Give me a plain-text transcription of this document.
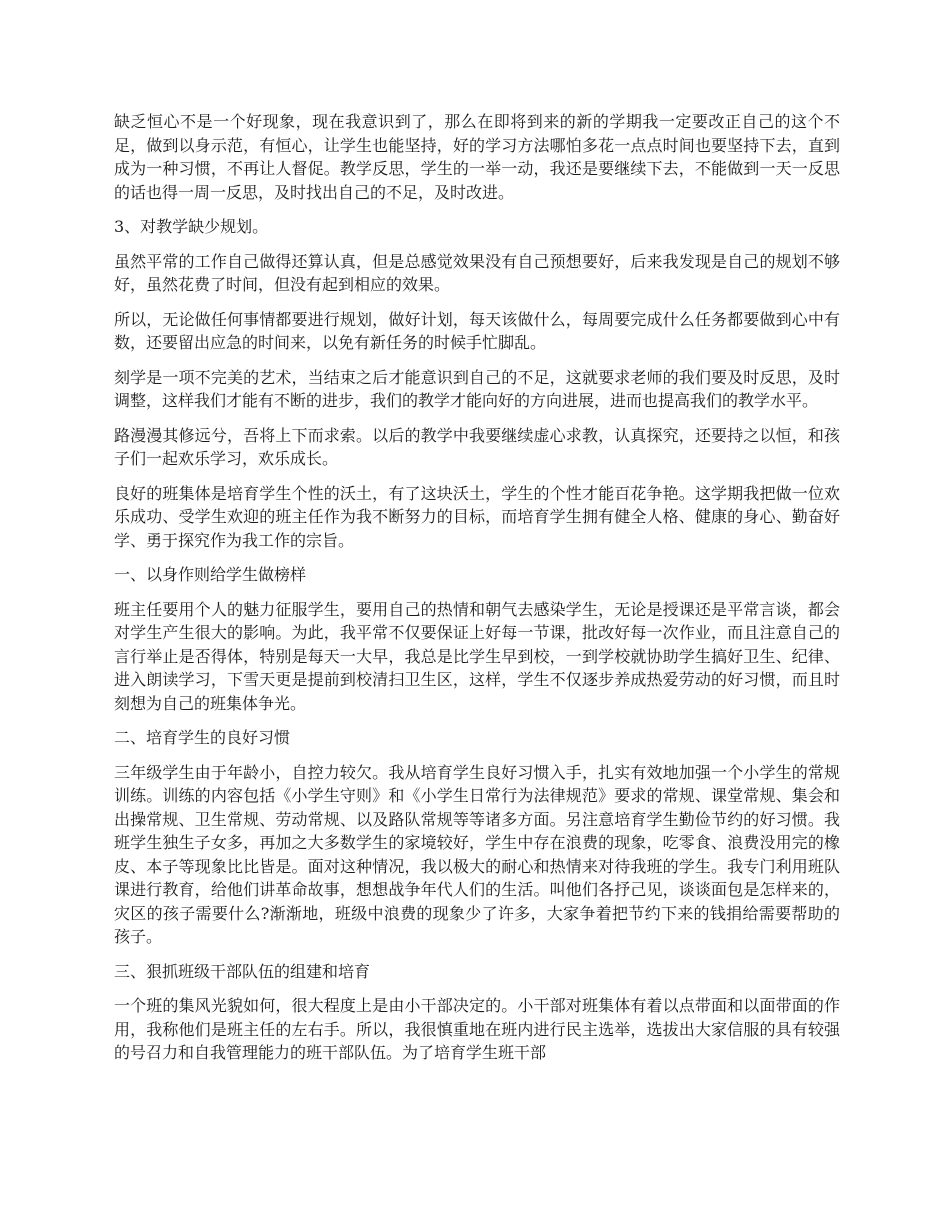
缺乏恒心不是一个好现象，现在我意识到了，那么在即将到来的新的学期我一定要改正自己的这个不足，做到以身示范，有恒心，让学生也能坚持，好的学习方法哪怕多花一点点时间也要坚持下去，直到成为一种习惯，不再让人督促。教学反思，学生的一举一动，我还是要继续下去，不能做到一天一反思的话也得一周一反思，及时找出自己的不足，及时改进。

3、对教学缺少规划。

虽然平常的工作自己做得还算认真，但是总感觉效果没有自己预想要好，后来我发现是自己的规划不够好，虽然花费了时间，但没有起到相应的效果。

所以，无论做任何事情都要进行规划，做好计划，每天该做什么，每周要完成什么任务都要做到心中有数，还要留出应急的时间来，以免有新任务的时候手忙脚乱。

刻学是一项不完美的艺术，当结束之后才能意识到自己的不足，这就要求老师的我们要及时反思，及时调整，这样我们才能有不断的进步，我们的教学才能向好的方向进展，进而也提高我们的教学水平。

路漫漫其修远兮，吾将上下而求索。以后的教学中我要继续虚心求教，认真探究，还要持之以恒，和孩子们一起欢乐学习，欢乐成长。

良好的班集体是培育学生个性的沃土，有了这块沃土，学生的个性才能百花争艳。这学期我把做一位欢乐成功、受学生欢迎的班主任作为我不断努力的目标，而培育学生拥有健全人格、健康的身心、勤奋好学、勇于探究作为我工作的宗旨。

一、以身作则给学生做榜样

班主任要用个人的魅力征服学生，要用自己的热情和朝气去感染学生，无论是授课还是平常言谈，都会对学生产生很大的影响。为此，我平常不仅要保证上好每一节课，批改好每一次作业，而且注意自己的言行举止是否得体，特别是每天一大早，我总是比学生早到校，一到学校就协助学生搞好卫生、纪律、进入朗读学习，下雪天更是提前到校清扫卫生区，这样，学生不仅逐步养成热爱劳动的好习惯，而且时刻想为自己的班集体争光。

二、培育学生的良好习惯

三年级学生由于年龄小，自控力较欠。我从培育学生良好习惯入手，扎实有效地加强一个小学生的常规训练。训练的内容包括《小学生守则》和《小学生日常行为法律规范》要求的常规、课堂常规、集会和出操常规、卫生常规、劳动常规、以及路队常规等等诸多方面。另注意培育学生勤俭节约的好习惯。我班学生独生子女多，再加之大多数学生的家境较好，学生中存在浪费的现象，吃零食、浪费没用完的橡皮、本子等现象比比皆是。面对这种情况，我以极大的耐心和热情来对待我班的学生。我专门利用班队课进行教育，给他们讲革命故事，想想战争年代人们的生活。叫他们各抒己见，谈谈面包是怎样来的，灾区的孩子需要什么?渐渐地，班级中浪费的现象少了许多，大家争着把节约下来的钱捐给需要帮助的孩子。

三、狠抓班级干部队伍的组建和培育

一个班的集风光貌如何，很大程度上是由小干部决定的。小干部对班集体有着以点带面和以面带面的作用，我称他们是班主任的左右手。所以，我很慎重地在班内进行民主选举，选拔出大家信服的具有较强的号召力和自我管理能力的班干部队伍。为了培育学生班干部
